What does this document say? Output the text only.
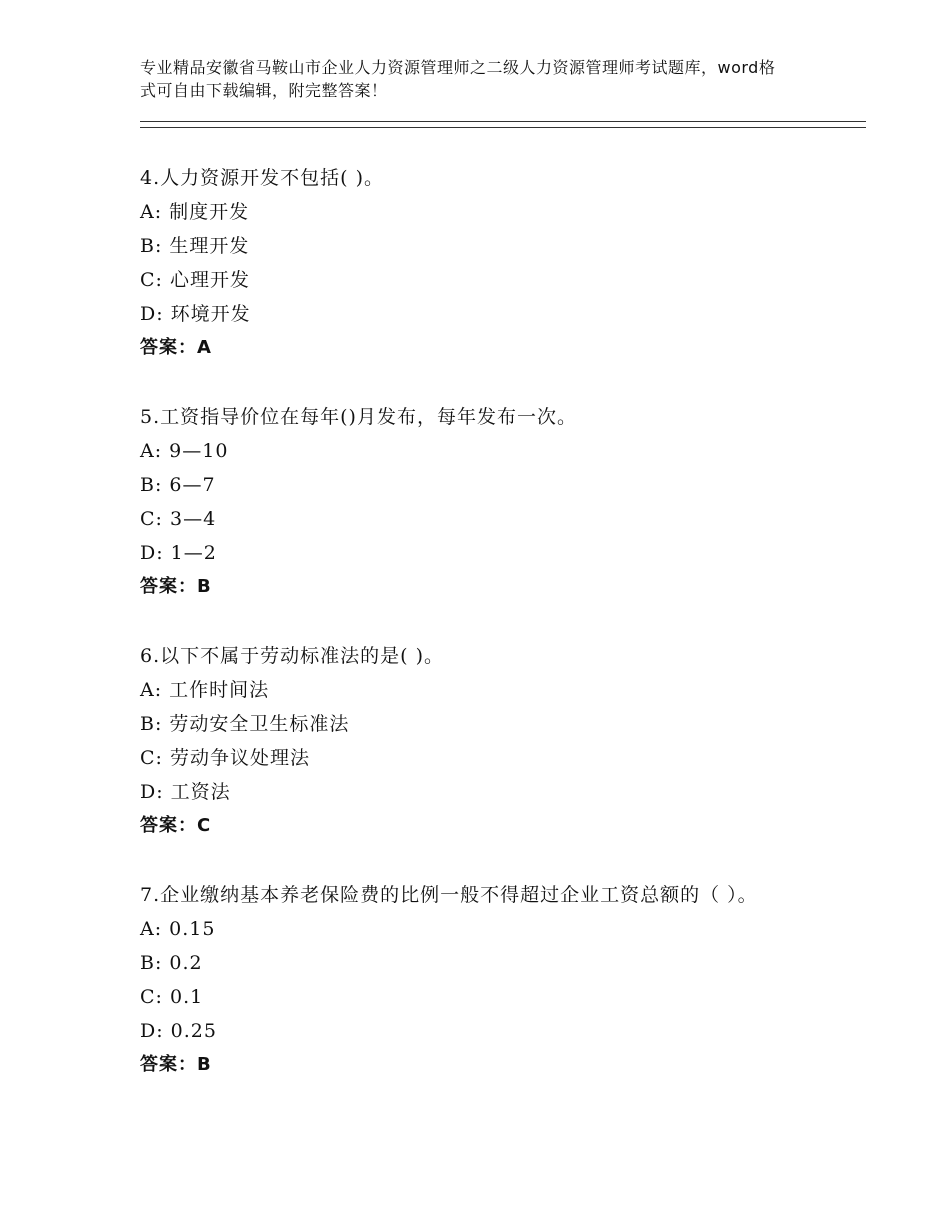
专业精品安徽省马鞍山市企业人力资源管理师之二级人力资源管理师考试题库，word格式可自由下载编辑，附完整答案！
4.人力资源开发不包括( )。
A: 制度开发
B: 生理开发
C: 心理开发
D: 环境开发
答案：A
5.工资指导价位在每年()月发布，每年发布一次。
A: 9—10
B: 6—7
C: 3—4
D: 1—2
答案：B
6.以下不属于劳动标准法的是( )。
A: 工作时间法
B: 劳动安全卫生标准法
C: 劳动争议处理法
D: 工资法
答案：C
7.企业缴纳基本养老保险费的比例一般不得超过企业工资总额的（ ）。
A: 0.15
B: 0.2
C: 0.1
D: 0.25
答案：B
